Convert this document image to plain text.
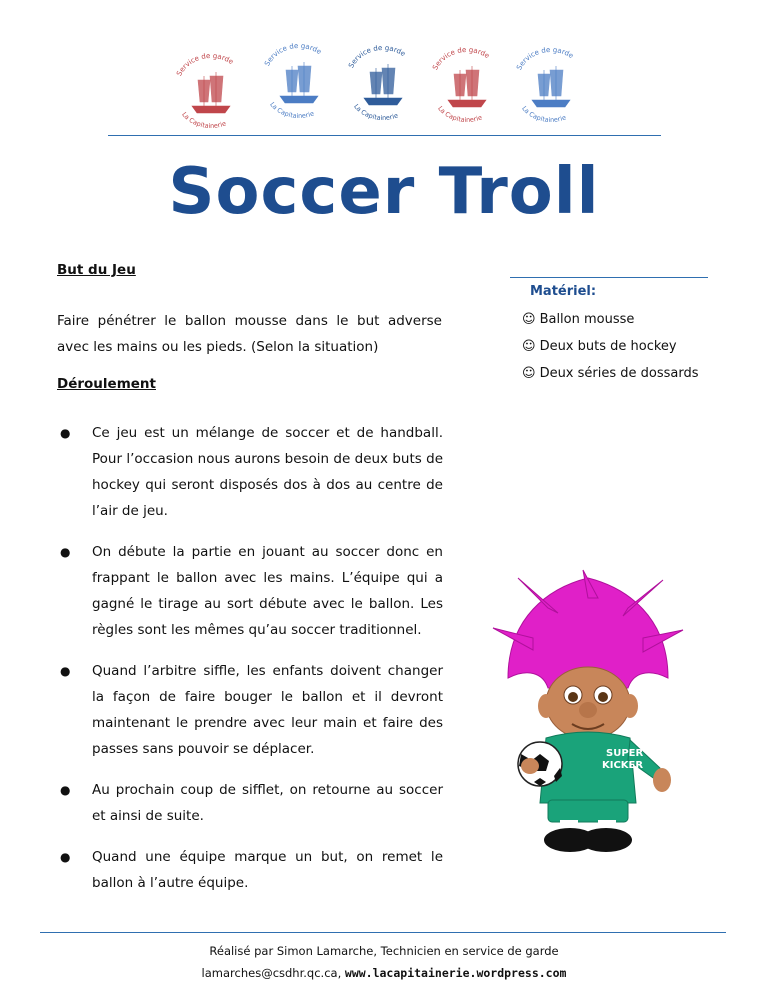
Service de garde
La Capitainerie
Service de garde
La Capitainerie
Service de garde
La Capitainerie
Service de garde
La Capitainerie
Service de garde
La Capitainerie
Soccer Troll
But du Jeu
Faire pénétrer le ballon mousse dans le but adverse avec les mains ou les pieds. (Selon la situation)
Déroulement
● Ce jeu est un mélange de soccer et de handball. Pour l’occasion nous aurons besoin de deux buts de hockey qui seront disposés dos à dos au centre de l’air de jeu.
● On débute la partie en jouant au soccer donc en frappant le ballon avec les mains. L’équipe qui a gagné le tirage au sort débute avec le ballon. Les règles sont les mêmes qu’au soccer traditionnel.
● Quand l’arbitre siffle, les enfants doivent changer la façon de faire bouger le ballon et il devront maintenant le prendre avec leur main et faire des passes sans pouvoir se déplacer.
● Au prochain coup de sifflet, on retourne au soccer et ainsi de suite.
● Quand une équipe marque un but, on remet le ballon à l’autre équipe.
Matériel:
☺ Ballon mousse
☺ Deux buts de hockey
☺ Deux séries de dossards
SUPER
KICKER
Réalisé par Simon Lamarche, Technicien en service de garde
lamarches@csdhr.qc.ca, www.lacapitainerie.wordpress.com
